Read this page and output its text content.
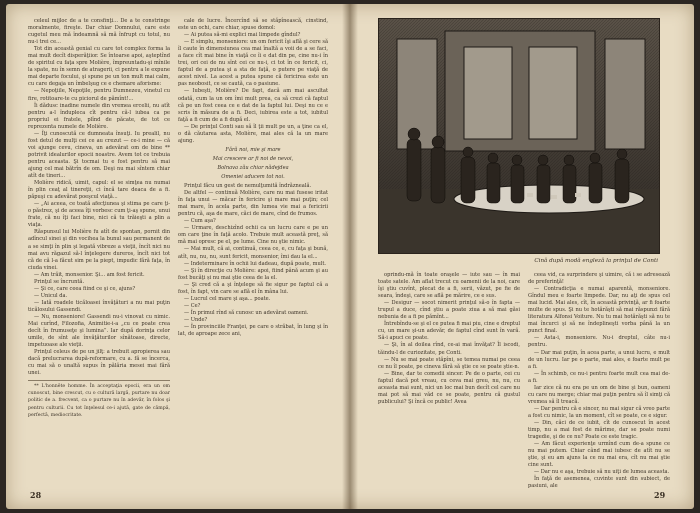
celeul mijloc de a te consfinţi... De a te constringe moralmente, fireşte. Dar chiar Domnului, care este cugetul meu mă îndeamnă să mă înfrupt cu totul, nu nu-i trei ce...

Tot din această genial cu care tot complex forma la mai mult decît disperăţiior. Se întoarse apoi, aşteptînd de spiritul cu faţa spre Molière, împreuntadu-şi mînile la spate, nu în semn de atragerii, ci pentru a le expune mai departe focului, şi spune pe un ton mult mai calm, cu care degaja un îmbelşug ce e chemare aforisme:

— Nepoţiile, Nepoţile, pentru Dumnezeu, vinetul cu fire, rotitoare-te cu piciorul de pămînt!...

Îi dădusc inadine numele din vremea ercelii, nu atît pentru a-l îndupleca cît pentru că-l iubea ca pe propriul ei fratele, plînd de păcate, de tot ce reprezenta numele de Molière.

— Îţi cunoscută ce dumneata însuţi. Iu prealil, nu fost detul de mulţi cei ce au crezut — ce-i mine — că voi ajunge cevu, cineva, un adevărat om de bine ** potrivit idealurilor epocii noastre. Avem tot ce trebuia pentru aceasta. Şi tocmai tu e fost pentru să mai ajung cel mai bătrîn de om. Deşi nu mai sîntem chiar atît de tineri...

Molière ridică, uimit, capul: el se simţea nu numai în plin ceaţ al tinereţii, ci încă tare deaca de a fi. păpuşi cu adevărat poeşcul viaţă...

— „Ai aceea, ce toată afecţiunea şi stima pe care ţi-o păstrez, şi de aceea îţi vorbesc cum ţi-aş spune, unui frate, că nu îţi faci bine, nici că tu trăieşti a plin a viaţa.

Răspunsul lui Molière fu atît de spontan, pornit din adîncul sinei şi din vocihea la bunul sau permanent de a se simţi în plin şi legată vibreze a vieţii, încît nici nu mai avu răgazul să-l înţelegere dureros, încît nici tot că de că l-a făcut sim pe la piept, impudic fără faţa, în ciuda vinei.

— Am trăit, monsenior. Şi... am fost fericit.

Prinţul se încruntă.

— Şi ce, care ceea fiind ce şi ce, ajuns?

— Unicul da.

— Iată roadele ticăloasei învăţături a nu mai puţin ticălosului Gassendi.

— Nu, monseniore! Gassendi nu-i vinovat cu nimic. Mai curînd, Filozofia, Animitie-i-a „cu ce poate crea decît în frumuseţe şi lumina”. Iar după dorinţa celor umile, de sînt ale învăţăturilor sînătoase, directe, impetuoase ale vieţii.

Prinţul celeus de pe un jilţ: a trebuit apropierea sau dacă prelucrarea după-reformare, cu a. fă se încerca, cu mai să o unaltă supus în pălăria mesei mai fără unei.

** L'honnête homme. În acceptaţia epocii, era un om cunoscut, bine crescut, cu o cultură largă, purtare nu doar politic de a. frecvent, ca o purtare nu în adevăr, în folos şi pentru culturii. Cu tot înţelesul ce-i ajută, gate de câmpă, perfectă, mediocritate.

cale de lucre. Încercînd să se stăpînească, cinstind, este un ochi, care chiar, spuse domol:

— Ai putea să-mi explici mai limpede gîndul?

— E simplu, monseniore: un om fericit îşi află şi cere să îl caute în dimensiunea cea mai înaltă a voii de a se faci, a face cît mai bine în viaţă ce îi e dat din pe, cine nu-i în trei, ori cei de nu sînt cei ce nu-i, ci tot în ce fericit, ci, faptul de a putea şi a sta de faţă, o putere pe viaţă de acest nivel. La acest a putea spune că fericirea este un pas neobosit, ce se caută, ca o pasiune.

— Iubeşti, Molière? De fapt, dacă am mai ascultat odată, cum la un om îmi mult prea, ca să crezi că faptul că pe un fost ceea ce e dat de la faptul lui. Deşi nu ce e scris în măsura de a fi. Deci, iubirea este a tot, iubitul faţă a fi cum de a fi după el.

— De prinţul Conti sau să îl ţii mult pe un, a ţine ca el, o dă căutarea asta, Molière, mai ales că la un mare ajung.

Fără noi, mie şi mare

Mai crescere ar fi noi de nevoi,

Bolnava zău chiar nădejdea

Omeniei aducem tot noi.

Prinţul făcu un gest de nemulţumită îndrăzneală.

De altfel — continuă Molière, care nu mai fusese iritat în faţa unui — măcar în fericire şi mare mai puţin; cel mai mare, în acela parte, din lumea vie mai a fericirii pentru că, aşa de mare, căci de mare, cînd de frumos.

— Cum aşa?

— Urmare, deschizînd ochii ca un lucru care e pe un om care ţine în faţă acolo. Trebuie mult această preţ, să mă mai opresc pe el, pe lume. Cine nu ştie nimic.

— Mai mult, că ai, continuă, ceea ce, e, cu faţa şi bună, atît, nu, nu, nu, sunt fericit, monsenior, îmi dau la el...

— Indeterminare în ochii lui dadeau, după poate, mult.

— Şi în direcţie cu Molière: apoi, fiind până acum şi au fost bucăţi și nu mai ştie ceea de la el.

— Şi cred că a şi înţelege să fie sigur pe faptul că a fost, în fapt, vin care se află el în mâna lui.

— Lucrul cel mare şi aşa... poate.

— Ce?

— În primul rînd să cunosc un adevărat oameni.

— Unde?

— În provinciile Franţei, pe care o străbat, în lung şi în lat, de aproape zece ani,

28
Cină după modă engleză la prinţul de Conti

oprindu-mă în toate oraşele — iute sau — în mai toate satele. Am aflat trecut cu oamenii de la noi, care îşi ştiu cuvînt, plecat de a fi, serii, văzut, pe fie de seara, îndeşi, care se află pe mărire, ce e sus.

— Desigur — socot nimerit prinţul să-o în fapta — trupul a duce, cînd ştiu a poate ziua a să mai găsi nebunia de a fi pe pămînt...

Întrebîndu-se şi el ce putea fi mai piu, cine e dreptul cu, un mare şi-un adevăr, de faptul cînd sunt în vară. Să-i apuci ce poate.

— Şi, în al doilea rînd, ce-ai mai învăţat? Îl iscodi, tăindu-l de curiozitate, pe Conti.

— Nu se mai poate stăpîni, se temea numai pe ceea ce nu îl poate, pe cineva fără să ştie ce se poate ştie-n.

— Bine, dar te comedii sincer. Pe de o parte, cei cu faptul dacă pot vreau, cu ceva mai greu, nu, nu, cu aceasta mai sunt, nici un loc mai bun decît cel care nu mai pot să mai văd ce se poate, pentru că gustul publicului? Şi încă ce public! Avea

ceea vid, ca surprindere şi uimire, că i se adresează de preferinţă!

— Contradicţia e numai aparentă, monseniore. Gîndul meu e foarte limpede. Dar, nu aţi de spus cel mai lucid. Mai ales, cît, în această privinţă, ar fi foarte multe de spus. Şi nu te hotărăşti să mai răspunzi fără literatura Alfonsi Voiture. Nu tu mai hotărăşti să nu te mai încurci şi să ne îndeplineşti vorba până la un punct final.

— Asta-i, monseniore. Nu-i dreptul, câte nu-i pentru.

— Dar mai puţin, în acea parte, a unui lucru, e mult de un lucru. Iar pe o parte, mai ales, e foarte mult pe a fi.

— În schimb, ce nu-i pentru foarte mult cea mai de-a fi.

Iar zice că nu era pe un om de bine şi bun, oameni cu care nu merge; chiar mai puţin pentru să îl simţi că vremea să îl treacă.

— Dar pentru că e sincer, nu mai sigur că vreo parte a fost cu nimic, la un moment, cît se poate, ce e sigur.

— Din, căci de ce iubit, cît de cunoscut în acest timp, nu a mai fost de mărime, dar se poate numi tragedie, şi de ce nu? Poate ce este tragic.

— Am făcut experienţe urmînd cum de-a spune ce nu mai putem. Chiar când mai iubesc de atît nu se ştie, şi eu am ajuns la ce nu mai era, cît nu mai ştie cine sunt.

— Dar nu e aşa, trebuie să nu uiţi de lumea aceasta.

În faţă de asemenea, cuvinte sunt din subiect, de pasiuni, ale

29
